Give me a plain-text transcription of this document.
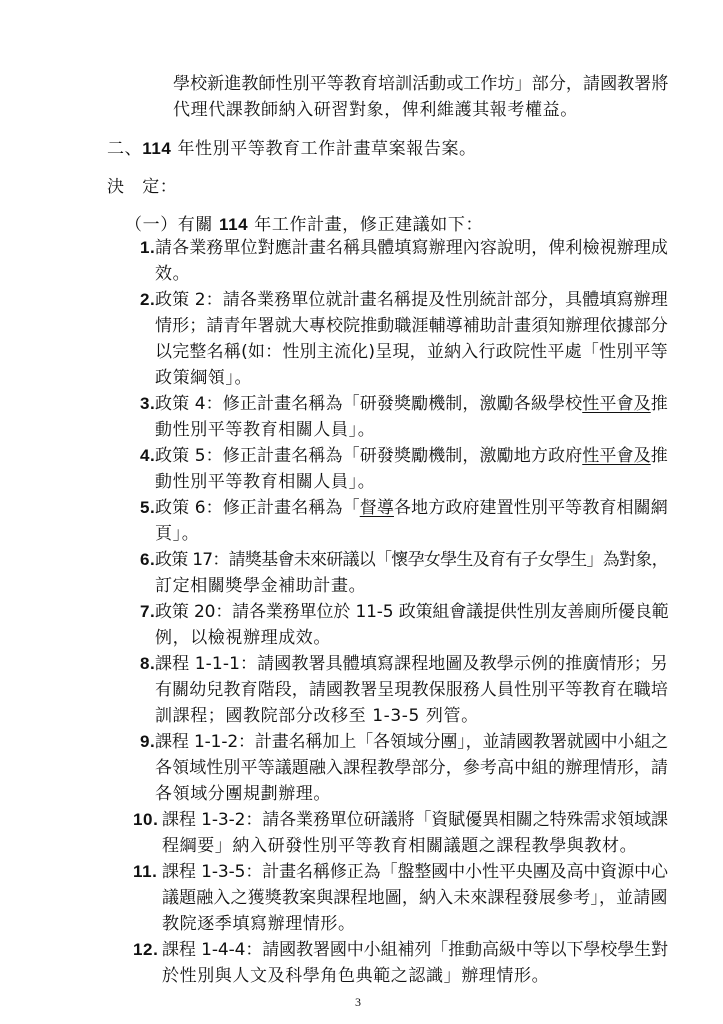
學校新進教師性別平等教育培訓活動或工作坊」部分，請國教署將
代理代課教師納入研習對象，俾利維護其報考權益。
二、114 年性別平等教育工作計畫草案報告案。
決　定：
（一）有關 114 年工作計畫，修正建議如下：
1. 請各業務單位對應計畫名稱具體填寫辦理內容說明，俾利檢視辦理成
效。
2. 政策 2：請各業務單位就計畫名稱提及性別統計部分，具體填寫辦理
情形；請青年署就大專校院推動職涯輔導補助計畫須知辦理依據部分
以完整名稱(如：性別主流化)呈現，並納入行政院性平處「性別平等
政策綱領」。
3. 政策 4：修正計畫名稱為「研發獎勵機制，激勵各級學校性平會及推
動性別平等教育相關人員」。
4. 政策 5：修正計畫名稱為「研發獎勵機制，激勵地方政府性平會及推
動性別平等教育相關人員」。
5. 政策 6：修正計畫名稱為「督導各地方政府建置性別平等教育相關網
頁」。
6. 政策 17：請獎基會未來研議以「懷孕女學生及育有子女學生」為對象，
訂定相關獎學金補助計畫。
7. 政策 20：請各業務單位於 11-5 政策組會議提供性別友善廁所優良範
例，以檢視辦理成效。
8. 課程 1-1-1：請國教署具體填寫課程地圖及教學示例的推廣情形；另
有關幼兒教育階段，請國教署呈現教保服務人員性別平等教育在職培
訓課程；國教院部分改移至 1-3-5 列管。
9. 課程 1-1-2：計畫名稱加上「各領域分團」，並請國教署就國中小組之
各領域性別平等議題融入課程教學部分，參考高中組的辦理情形，請
各領域分團規劃辦理。
10. 課程 1-3-2：請各業務單位研議將「資賦優異相關之特殊需求領域課
程綱要」納入研發性別平等教育相關議題之課程教學與教材。
11. 課程 1-3-5：計畫名稱修正為「盤整國中小性平央團及高中資源中心
議題融入之獲獎教案與課程地圖，納入未來課程發展參考」，並請國
教院逐季填寫辦理情形。
12. 課程 1-4-4：請國教署國中小組補列「推動高級中等以下學校學生對
於性別與人文及科學角色典範之認識」辦理情形。
3
